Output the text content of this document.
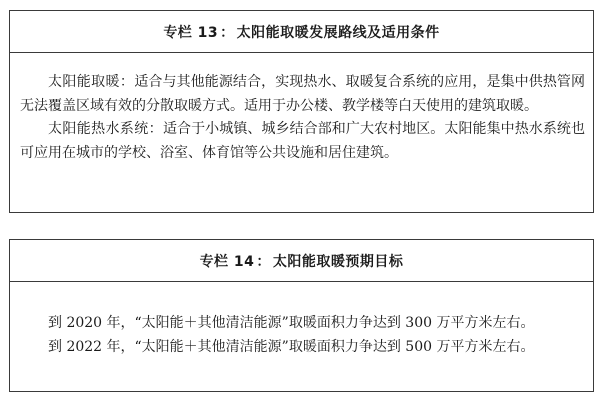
专栏 13 ： 太阳能取暖发展路线及适用条件

太阳能取暖：适合与其他能源结合，实现热水、取暖复合系统的应用，是集中供热管网无法覆盖区域有效的分散取暖方式。适用于办公楼、教学楼等白天使用的建筑取暖。

太阳能热水系统：适合于小城镇、城乡结合部和广大农村地区。太阳能集中热水系统也可应用在城市的学校、浴室、体育馆等公共设施和居住建筑。

专栏 14 ： 太阳能取暖预期目标

到 2020 年，“太阳能＋其他清洁能源”取暖面积力争达到 300 万平方米左右。

到 2022 年，“太阳能＋其他清洁能源”取暖面积力争达到 500 万平方米左右。
